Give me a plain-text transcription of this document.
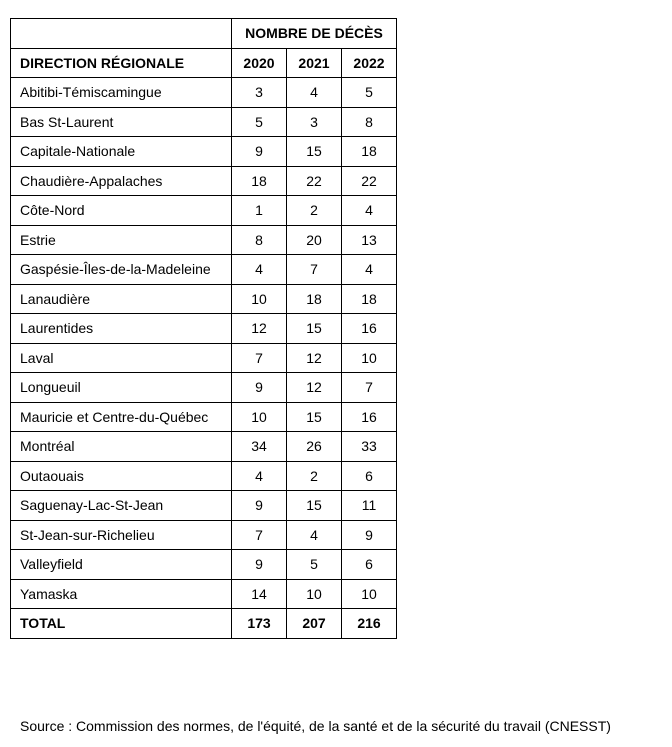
	NOMBRE DE DÉCÈS		
DIRECTION RÉGIONALE	2020	2021	2022
Abitibi-Témiscamingue	3	4	5
Bas St-Laurent	5	3	8
Capitale-Nationale	9	15	18
Chaudière-Appalaches	18	22	22
Côte-Nord	1	2	4
Estrie	8	20	13
Gaspésie-Îles-de-la-Madeleine	4	7	4
Lanaudière	10	18	18
Laurentides	12	15	16
Laval	7	12	10
Longueuil	9	12	7
Mauricie et Centre-du-Québec	10	15	16
Montréal	34	26	33
Outaouais	4	2	6
Saguenay-Lac-St-Jean	9	15	11
St-Jean-sur-Richelieu	7	4	9
Valleyfield	9	5	6
Yamaska	14	10	10
TOTAL	173	207	216
Source : Commission des normes, de l'équité, de la santé et de la sécurité du travail (CNESST)
